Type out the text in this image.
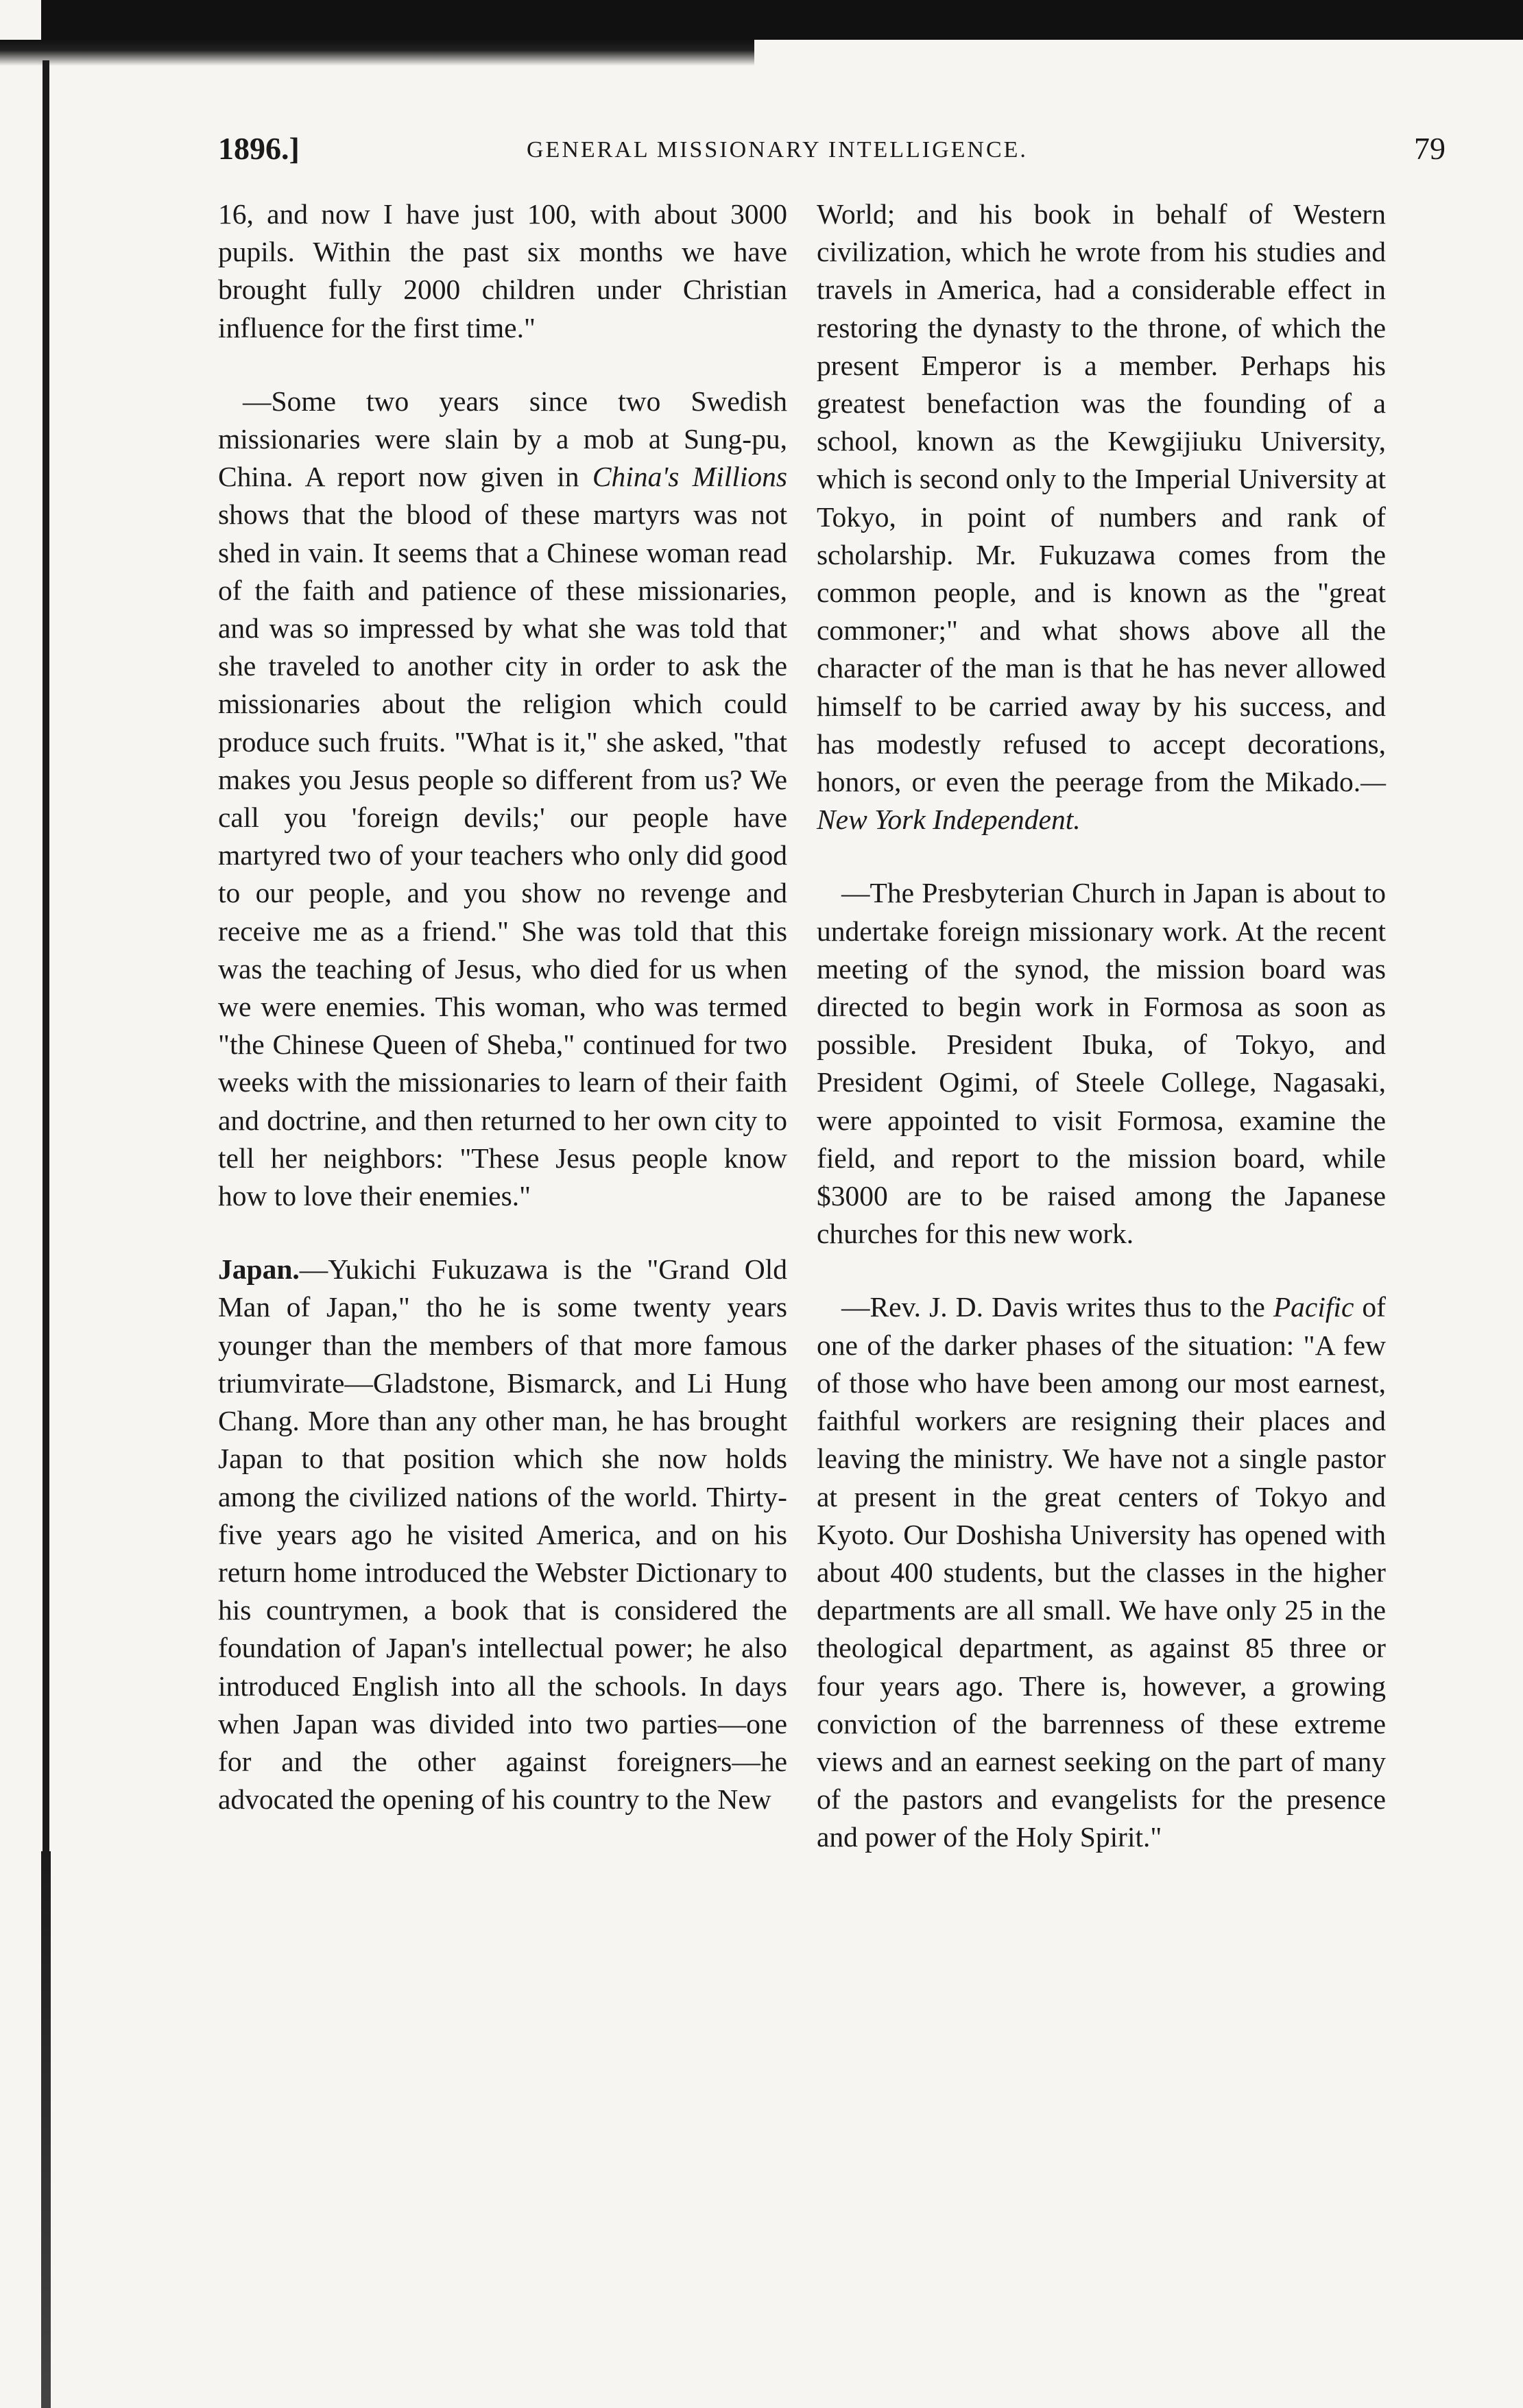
1896.]	GENERAL MISSIONARY INTELLIGENCE.	79

16, and now I have just 100, with about 3000 pupils. Within the past six months we have brought fully 2000 children under Christian influence for the first time."

—Some two years since two Swedish missionaries were slain by a mob at Sung-pu, China. A report now given in China's Millions shows that the blood of these martyrs was not shed in vain. It seems that a Chinese woman read of the faith and patience of these missionaries, and was so impressed by what she was told that she traveled to another city in order to ask the missionaries about the religion which could produce such fruits. "What is it," she asked, "that makes you Jesus people so different from us? We call you 'foreign devils;' our people have martyred two of your teachers who only did good to our people, and you show no revenge and receive me as a friend." She was told that this was the teaching of Jesus, who died for us when we were enemies. This woman, who was termed "the Chinese Queen of Sheba," continued for two weeks with the missionaries to learn of their faith and doctrine, and then returned to her own city to tell her neighbors: "These Jesus people know how to love their enemies."

Japan.—Yukichi Fukuzawa is the "Grand Old Man of Japan," tho he is some twenty years younger than the members of that more famous triumvirate—Gladstone, Bismarck, and Li Hung Chang. More than any other man, he has brought Japan to that position which she now holds among the civilized nations of the world. Thirty-five years ago he visited America, and on his return home introduced the Webster Dictionary to his countrymen, a book that is considered the foundation of Japan's intellectual power; he also introduced English into all the schools. In days when Japan was divided into two parties—one for and the other against foreigners—he advocated the opening of his country to the New

World; and his book in behalf of Western civilization, which he wrote from his studies and travels in America, had a considerable effect in restoring the dynasty to the throne, of which the present Emperor is a member. Perhaps his greatest benefaction was the founding of a school, known as the Kewgijiuku University, which is second only to the Imperial University at Tokyo, in point of numbers and rank of scholarship. Mr. Fukuzawa comes from the common people, and is known as the "great commoner;" and what shows above all the character of the man is that he has never allowed himself to be carried away by his success, and has modestly refused to accept decorations, honors, or even the peerage from the Mikado.—New York Independent.

—The Presbyterian Church in Japan is about to undertake foreign missionary work. At the recent meeting of the synod, the mission board was directed to begin work in Formosa as soon as possible. President Ibuka, of Tokyo, and President Ogimi, of Steele College, Nagasaki, were appointed to visit Formosa, examine the field, and report to the mission board, while $3000 are to be raised among the Japanese churches for this new work.

—Rev. J. D. Davis writes thus to the Pacific of one of the darker phases of the situation: "A few of those who have been among our most earnest, faithful workers are resigning their places and leaving the ministry. We have not a single pastor at present in the great centers of Tokyo and Kyoto. Our Doshisha University has opened with about 400 students, but the classes in the higher departments are all small. We have only 25 in the theological department, as against 85 three or four years ago. There is, however, a growing conviction of the barrenness of these extreme views and an earnest seeking on the part of many of the pastors and evangelists for the presence and power of the Holy Spirit."
